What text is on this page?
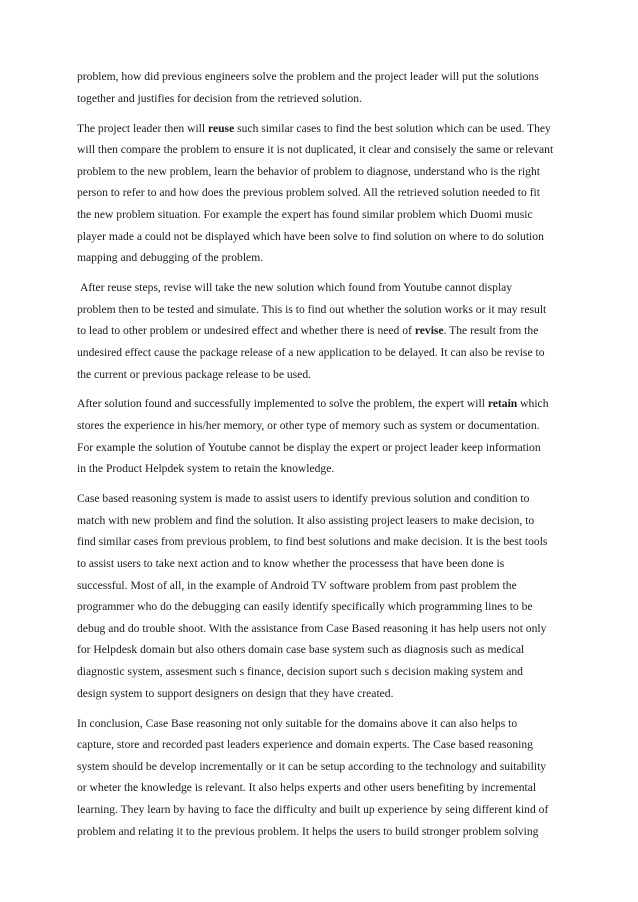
problem, how did previous engineers solve the problem and the project leader will put the solutions
together and justifies for decision from the retrieved solution.

The project leader then will reuse such similar cases to find the best solution which can be used. They
will then compare the problem to ensure it is not duplicated, it clear and consisely the same or relevant
problem to the new problem, learn the behavior of problem to diagnose, understand who is the right
person to refer to and how does the previous problem solved. All the retrieved solution needed to fit
the new problem situation. For example the expert has found similar problem which Duomi music
player made a could not be displayed which have been solve to find solution on where to do solution
mapping and debugging of the problem.

After reuse steps, revise will take the new solution which found from Youtube cannot display
problem then to be tested and simulate. This is to find out whether the solution works or it may result
to lead to other problem or undesired effect and whether there is need of revise. The result from the
undesired effect cause the package release of a new application to be delayed. It can also be revise to
the current or previous package release to be used.

After solution found and successfully implemented to solve the problem, the expert will retain which
stores the experience in his/her memory, or other type of memory such as system or documentation.
For example the solution of Youtube cannot be display the expert or project leader keep information
in the Product Helpdek system to retain the knowledge.

Case based reasoning system is made to assist users to identify previous solution and condition to
match with new problem and find the solution. It also assisting project leasers to make decision, to
find similar cases from previous problem, to find best solutions and make decision. It is the best tools
to assist users to take next action and to know whether the processess that have been done is
successful. Most of all, in the example of Android TV software problem from past problem the
programmer who do the debugging can easily identify specifically which programming lines to be
debug and do trouble shoot. With the assistance from Case Based reasoning it has help users not only
for Helpdesk domain but also others domain case base system such as diagnosis such as medical
diagnostic system, assesment such s finance, decision suport such s decision making system and
design system to support designers on design that they have created.

In conclusion, Case Base reasoning not only suitable for the domains above it can also helps to
capture, store and recorded past leaders experience and domain experts. The Case based reasoning
system should be develop incrementally or it can be setup according to the technology and suitability
or wheter the knowledge is relevant. It also helps experts and other users benefiting by incremental
learning. They learn by having to face the difficulty and built up experience by seing different kind of
problem and relating it to the previous problem. It helps the users to build stronger problem solving
